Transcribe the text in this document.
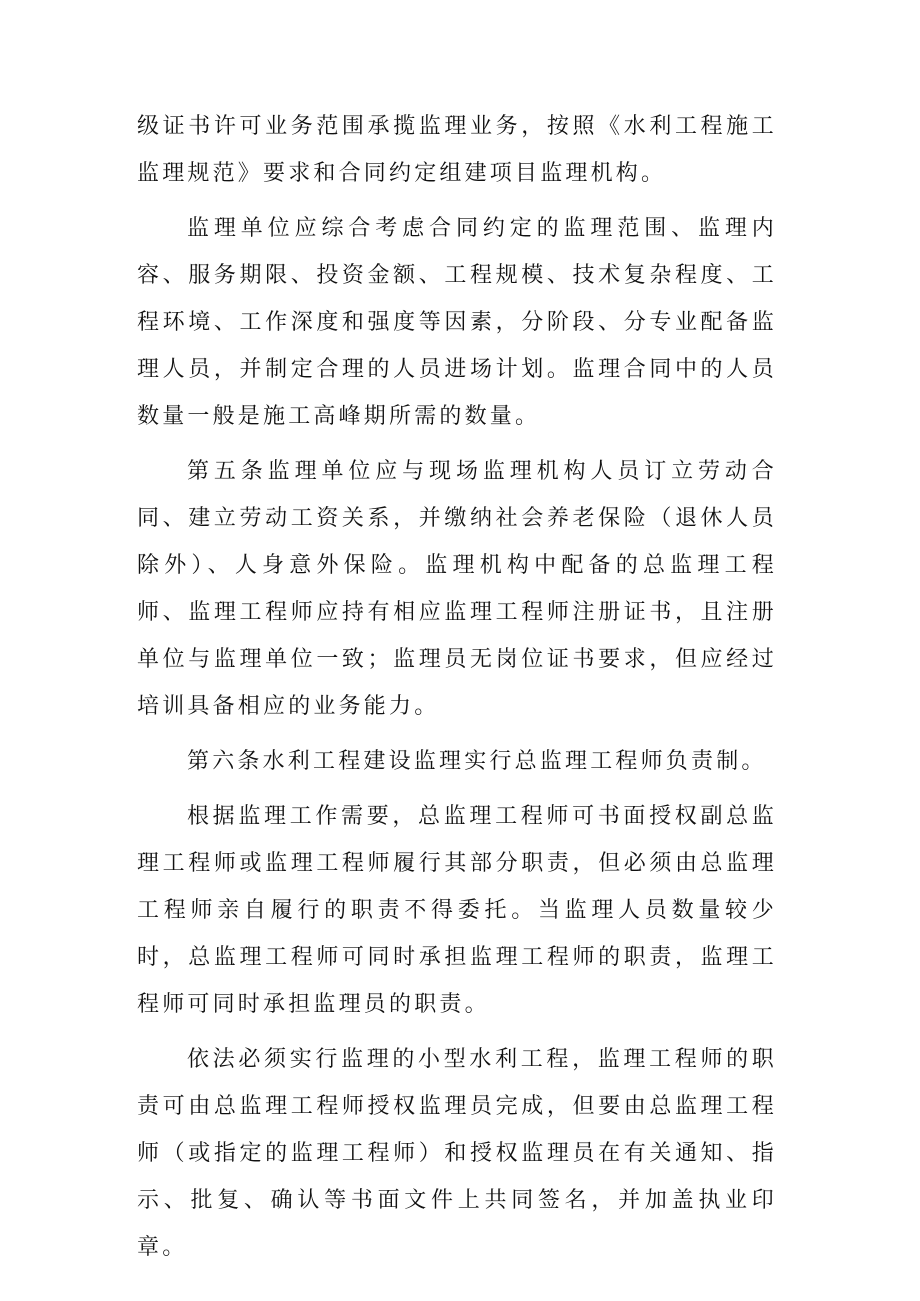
级证书许可业务范围承揽监理业务，按照《水利工程施工监理规范》要求和合同约定组建项目监理机构。

监理单位应综合考虑合同约定的监理范围、监理内容、服务期限、投资金额、工程规模、技术复杂程度、工程环境、工作深度和强度等因素，分阶段、分专业配备监理人员，并制定合理的人员进场计划。监理合同中的人员数量一般是施工高峰期所需的数量。

第五条监理单位应与现场监理机构人员订立劳动合同、建立劳动工资关系，并缴纳社会养老保险（退休人员除外）、人身意外保险。监理机构中配备的总监理工程师、监理工程师应持有相应监理工程师注册证书，且注册单位与监理单位一致；监理员无岗位证书要求，但应经过培训具备相应的业务能力。

第六条水利工程建设监理实行总监理工程师负责制。

根据监理工作需要，总监理工程师可书面授权副总监理工程师或监理工程师履行其部分职责，但必须由总监理工程师亲自履行的职责不得委托。当监理人员数量较少时，总监理工程师可同时承担监理工程师的职责，监理工程师可同时承担监理员的职责。

依法必须实行监理的小型水利工程，监理工程师的职责可由总监理工程师授权监理员完成，但要由总监理工程师（或指定的监理工程师）和授权监理员在有关通知、指示、批复、确认等书面文件上共同签名，并加盖执业印章。
